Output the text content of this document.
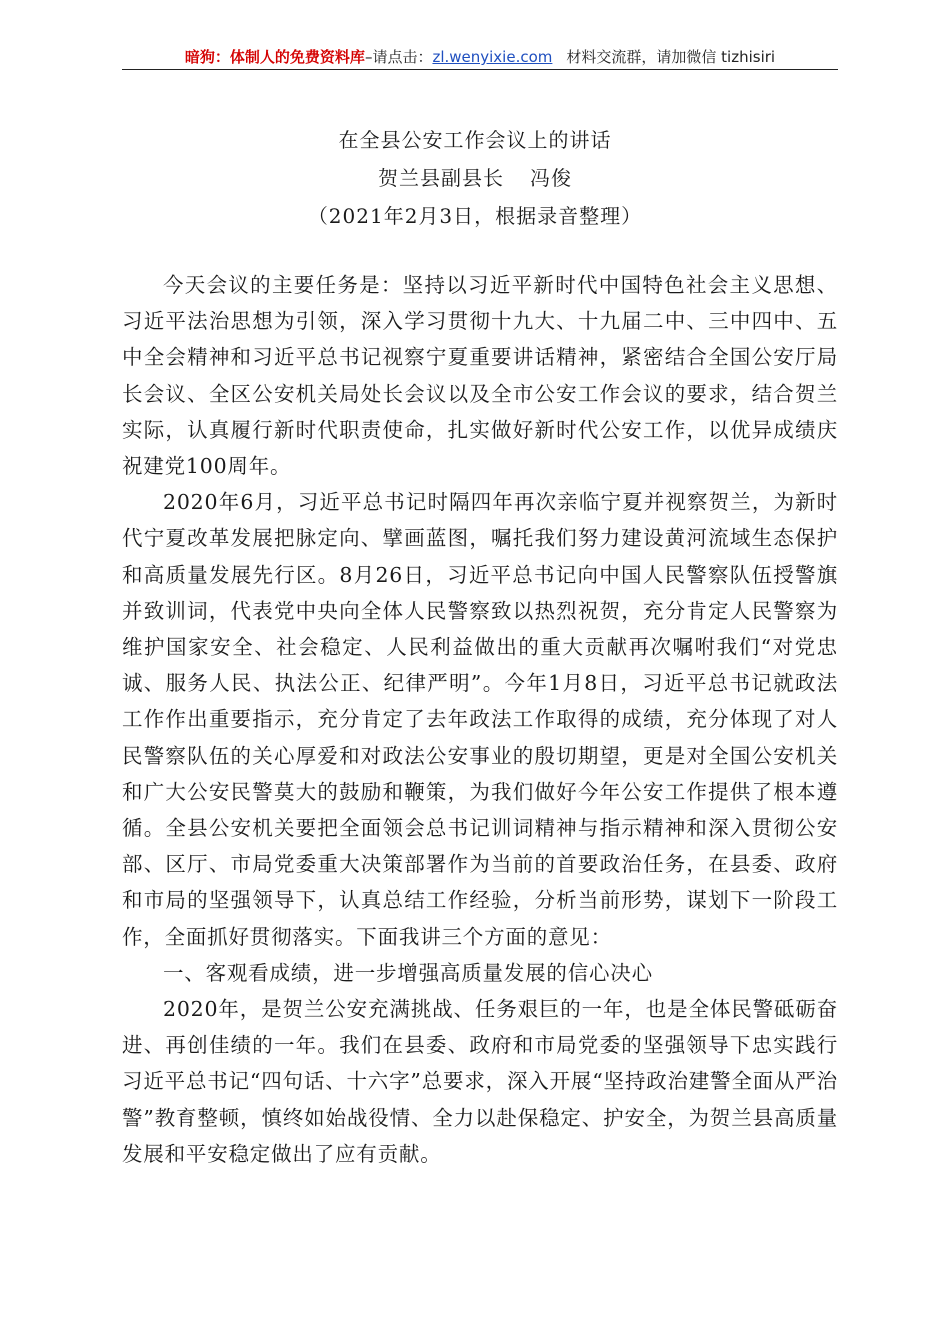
暗狗：体制人的免费资料库–请点击：zl.wenyixie.com 材料交流群，请加微信 tizhisiri
在全县公安工作会议上的讲话
贺兰县副县长 冯俊
（2021年2月3日，根据录音整理）

今天会议的主要任务是：坚持以习近平新时代中国特色社会主义思想、习近平法治思想为引领，深入学习贯彻十九大、十九届二中、三中四中、五中全会精神和习近平总书记视察宁夏重要讲话精神，紧密结合全国公安厅局长会议、全区公安机关局处长会议以及全市公安工作会议的要求，结合贺兰实际，认真履行新时代职责使命，扎实做好新时代公安工作，以优异成绩庆祝建党100周年。

2020年6月，习近平总书记时隔四年再次亲临宁夏并视察贺兰，为新时代宁夏改革发展把脉定向、擘画蓝图，嘱托我们努力建设黄河流域生态保护和高质量发展先行区。8月26日，习近平总书记向中国人民警察队伍授警旗并致训词，代表党中央向全体人民警察致以热烈祝贺，充分肯定人民警察为维护国家安全、社会稳定、人民利益做出的重大贡献再次嘱咐我们“对党忠诚、服务人民、执法公正、纪律严明”。今年1月8日，习近平总书记就政法工作作出重要指示，充分肯定了去年政法工作取得的成绩，充分体现了对人民警察队伍的关心厚爱和对政法公安事业的殷切期望，更是对全国公安机关和广大公安民警莫大的鼓励和鞭策，为我们做好今年公安工作提供了根本遵循。全县公安机关要把全面领会总书记训词精神与指示精神和深入贯彻公安部、区厅、市局党委重大决策部署作为当前的首要政治任务，在县委、政府和市局的坚强领导下，认真总结工作经验，分析当前形势，谋划下一阶段工作，全面抓好贯彻落实。下面我讲三个方面的意见：

一、客观看成绩，进一步增强高质量发展的信心决心

2020年，是贺兰公安充满挑战、任务艰巨的一年，也是全体民警砥砺奋进、再创佳绩的一年。我们在县委、政府和市局党委的坚强领导下忠实践行习近平总书记“四句话、十六字”总要求，深入开展“坚持政治建警全面从严治警”教育整顿，慎终如始战役情、全力以赴保稳定、护安全，为贺兰县高质量发展和平安稳定做出了应有贡献。
